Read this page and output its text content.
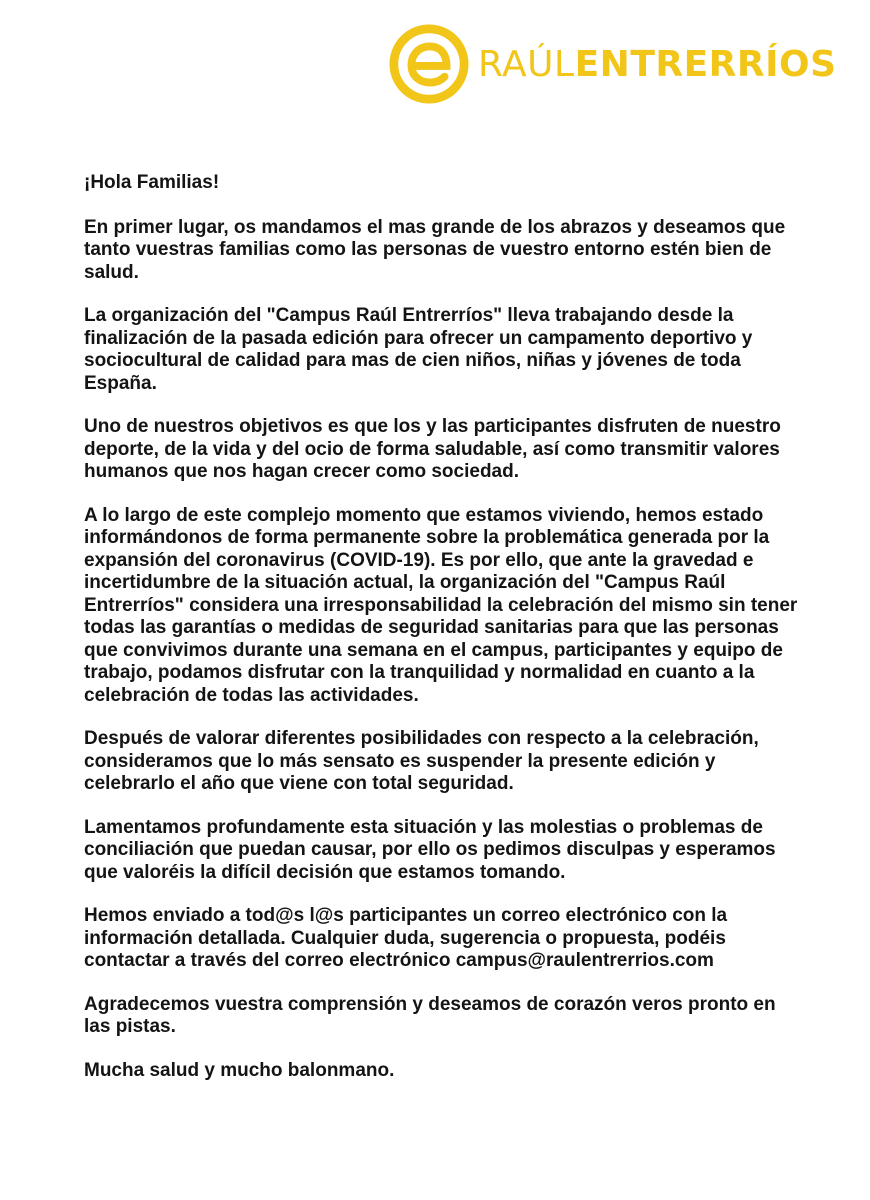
RAÚLENTRERRÍOS

¡Hola Familias!

En primer lugar, os mandamos el mas grande de los abrazos y deseamos que tanto vuestras familias como las personas de vuestro entorno estén bien de salud.

La organización del "Campus Raúl Entrerríos" lleva trabajando desde la finalización de la pasada edición para ofrecer un campamento deportivo y sociocultural de calidad para mas de cien niños, niñas y jóvenes de toda España.

Uno de nuestros objetivos es que los y las participantes disfruten de nuestro deporte, de la vida y del ocio de forma saludable, así como transmitir valores humanos que nos hagan crecer como sociedad.

A lo largo de este complejo momento que estamos viviendo, hemos estado informándonos de forma permanente sobre la problemática generada por la expansión del coronavirus (COVID-19). Es por ello, que ante la gravedad e incertidumbre de la situación actual, la organización del "Campus Raúl Entrerríos" considera una irresponsabilidad la celebración del mismo sin tener todas las garantías o medidas de seguridad sanitarias para que las personas que convivimos durante una semana en el campus, participantes y equipo de trabajo, podamos disfrutar con la tranquilidad y normalidad en cuanto a la celebración de todas las actividades.

Después de valorar diferentes posibilidades con respecto a la celebración, consideramos que lo más sensato es suspender la presente edición y celebrarlo el año que viene con total seguridad.

Lamentamos profundamente esta situación y las molestias o problemas de conciliación que puedan causar, por ello os pedimos disculpas y esperamos que valoréis la difícil decisión que estamos tomando.

Hemos enviado a tod@s l@s participantes un correo electrónico con la información detallada. Cualquier duda, sugerencia o propuesta, podéis contactar a través del correo electrónico campus@raulentrerrios.com

Agradecemos vuestra comprensión y deseamos de corazón veros pronto en las pistas.

Mucha salud y mucho balonmano.
